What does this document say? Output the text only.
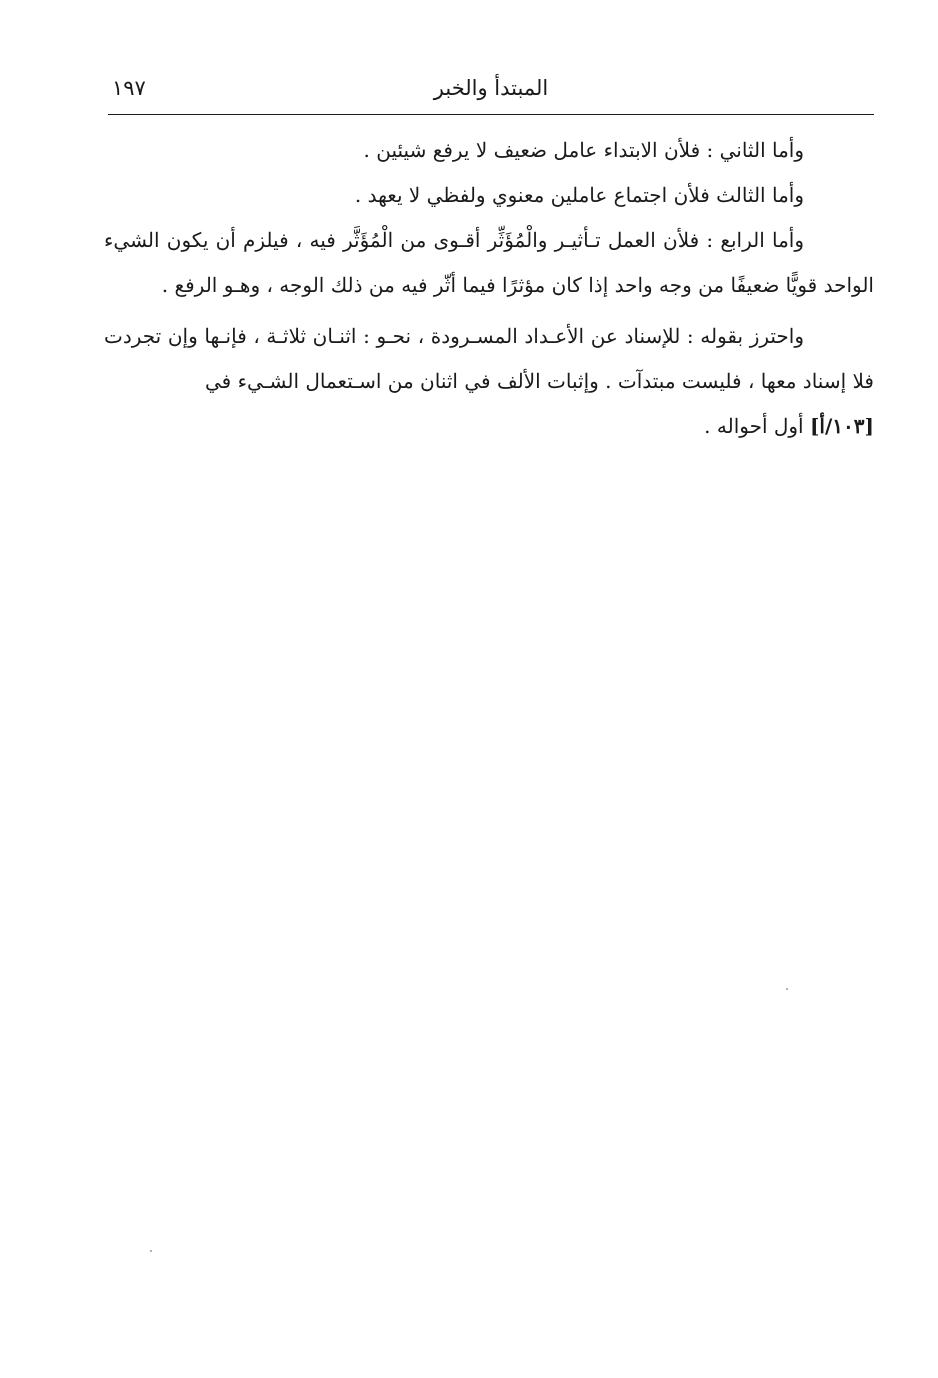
المبتدأ والخبر
١٩٧

وأما الثاني : فلأن الابتداء عامل ضعيف لا يرفع شيئين .

وأما الثالث فلأن اجتماع عاملين معنوي ولفظي لا يعهد .

وأما الرابع : فلأن العمل تـأثيـر والْمُؤَثِّر أقـوى من الْمُؤَثَّر فيه ، فيلزم أن يكون الشيء الواحد قويًّا ضعيفًا من وجه واحد إذا كان مؤثرًا فيما أثّر فيه من ذلك الوجه ، وهـو الرفع .

واحترز بقوله : للإسناد عن الأعـداد المسـرودة ، نحـو : اثنـان ثلاثـة ، فإنـها وإن تجردت فلا إسناد معها ، فليست مبتدآت . وإثبات الألف في اثنان من اسـتعمال الشـيء في

[١٠٣/أ] أول أحواله .
